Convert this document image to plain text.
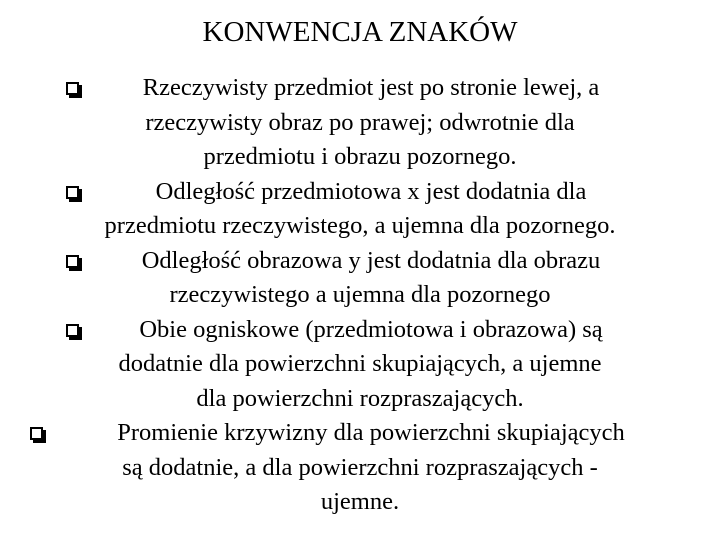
KONWENCJA ZNAKÓW
Rzeczywisty przedmiot jest po stronie lewej, a
rzeczywisty obraz po prawej; odwrotnie dla
przedmiotu i obrazu pozornego.
Odległość przedmiotowa x jest dodatnia dla
przedmiotu rzeczywistego, a ujemna dla pozornego.
Odległość obrazowa y jest dodatnia dla obrazu
rzeczywistego a ujemna dla pozornego
Obie ogniskowe (przedmiotowa i obrazowa) są
dodatnie dla powierzchni skupiających, a ujemne
dla powierzchni rozpraszających.
Promienie krzywizny dla powierzchni skupiających
są dodatnie, a dla powierzchni rozpraszających -
ujemne.
